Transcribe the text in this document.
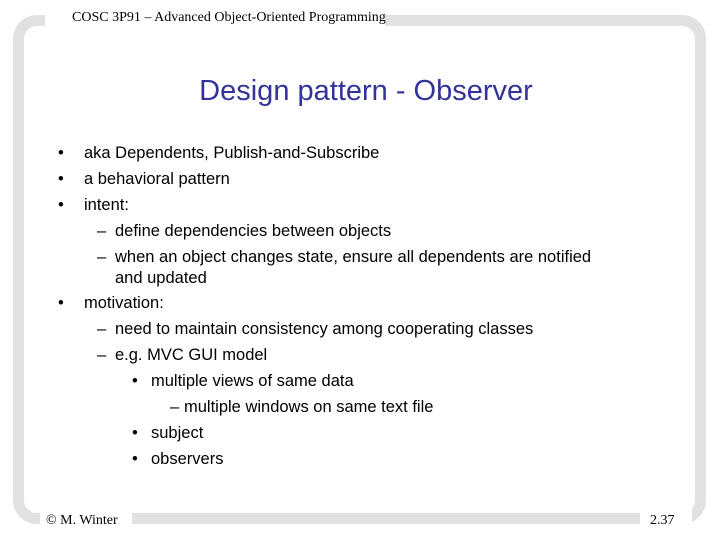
COSC 3P91 – Advanced Object-Oriented Programming
Design pattern - Observer
• aka Dependents, Publish-and-Subscribe
• a behavioral pattern
• intent:
– define dependencies between objects
– when an object changes state, ensure all dependents are notified
and updated
• motivation:
– need to maintain consistency among cooperating classes
– e.g. MVC GUI model
• multiple views of same data
– multiple windows on same text file
• subject
• observers
© M. Winter	2.37
